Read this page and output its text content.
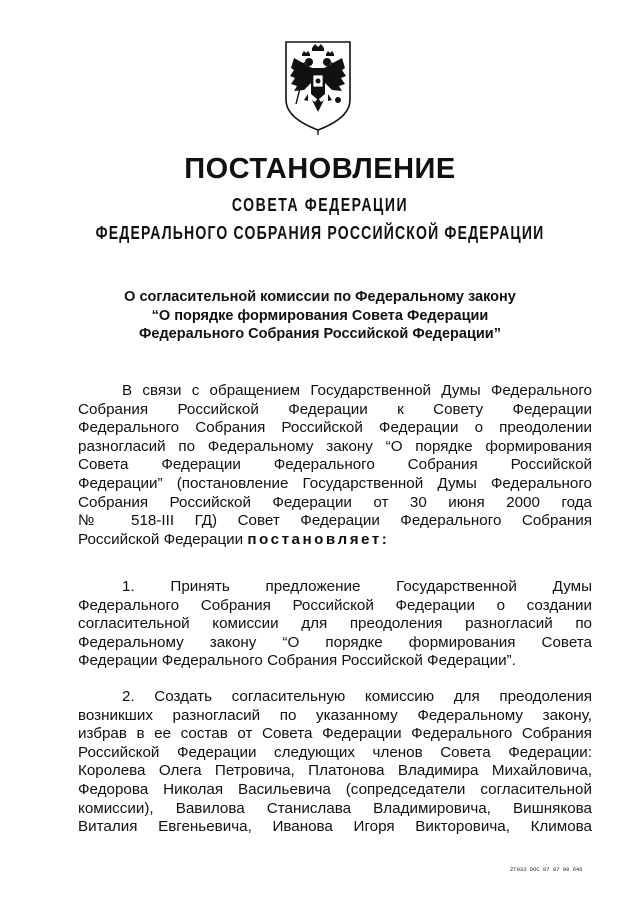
ПОСТАНОВЛЕНИЕ
СОВЕТА ФЕДЕРАЦИИ
ФЕДЕРАЛЬНОГО СОБРАНИЯ РОССИЙСКОЙ ФЕДЕРАЦИИ
О согласительной комиссии по Федеральному закону
“О порядке формирования Совета Федерации
Федерального Собрания Российской Федерации”
В связи с обращением Государственной Думы Федерального
Собрания Российской Федерации к Совету Федерации
Федерального Собрания Российской Федерации о преодолении
разногласий по Федеральному закону “О порядке формирования
Совета Федерации Федерального Собрания Российской
Федерации” (постановление Государственной Думы Федерального
Собрания Российской Федерации от 30 июня 2000 года
№ 518-III ГД) Совет Федерации Федерального Собрания
Российской Федерации постановляет:
1. Принять предложение Государственной Думы
Федерального Собрания Российской Федерации о создании
согласительной комиссии для преодоления разногласий по
Федеральному закону “О порядке формирования Совета
Федерации Федерального Собрания Российской Федерации”.
2. Создать согласительную комиссию для преодоления
возникших разногласий по указанному Федеральному закону,
избрав в ее состав от Совета Федерации Федерального Собрания
Российской Федерации следующих членов Совета Федерации:
Королева Олега Петровича, Платонова Владимира Михайловича,
Федорова Николая Васильевича (сопредседатели согласительной
комиссии), Вавилова Станислава Владимировича, Вишнякова
Виталия Евгеньевича, Иванова Игоря Викторовича, Климова
ZT932 DOC 07 07 00 646
